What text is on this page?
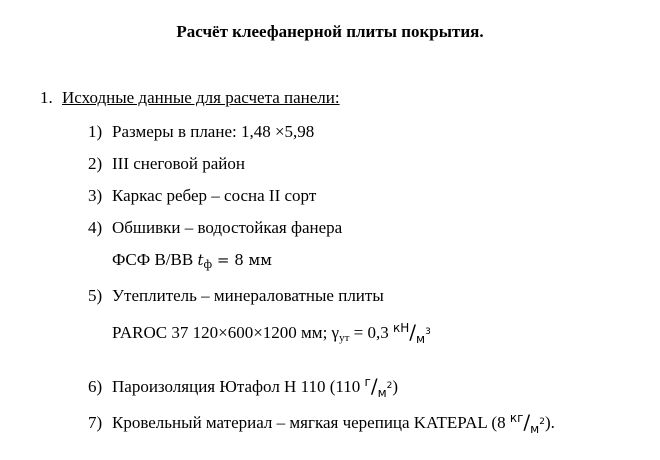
Расчёт клеефанерной плиты покрытия.
1. Исходные данные для расчета панели:
1) Размеры в плане: 1,48 ×5,98
2) III снеговой район
3) Каркас ребер – сосна II сорт
4) Обшивки – водостойкая фанера
ФСФ В/ВВ $t_ф = 8$ мм
5) Утеплитель – минераловатные плиты
PAROC 37 120×600×1200 мм; $\gamma_{ут} = 0,3$ $^{кН}/_м^3$
6) Пароизоляция Ютафол Н 110 (110 $^г/_м^2$)
7) Кровельный материал – мягкая черепица KATEPAL (8 $^{кг}/_м^2$).
